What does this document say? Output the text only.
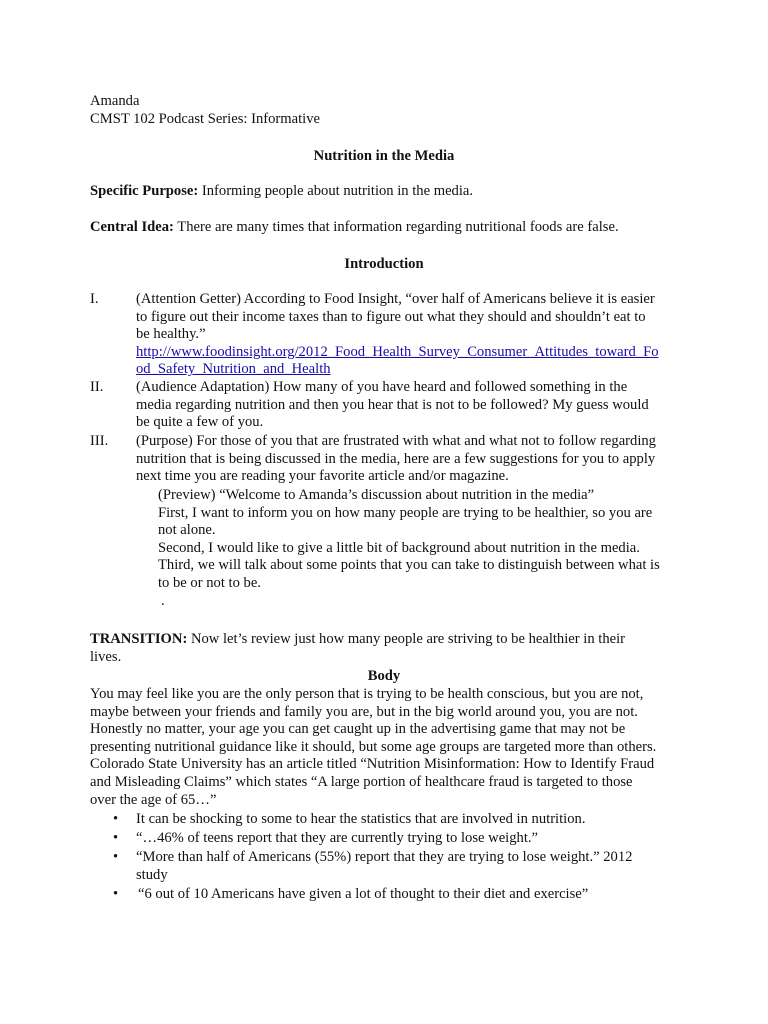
Amanda
CMST 102 Podcast Series: Informative
Nutrition in the Media
Specific Purpose: Informing people about nutrition in the media.
Central Idea: There are many times that information regarding nutritional foods are false.
Introduction
I.	(Attention Getter) According to Food Insight, “over half of Americans believe it is easier
to figure out their income taxes than to figure out what they should and shouldn’t eat to
be healthy.”
http://www.foodinsight.org/2012_Food_Health_Survey_Consumer_Attitudes_toward_Fo
od_Safety_Nutrition_and_Health
II. (Audience Adaptation) How many of you have heard and followed something in the
media regarding nutrition and then you hear that is not to be followed? My guess would
be quite a few of you.
III. (Purpose) For those of you that are frustrated with what and what not to follow regarding
nutrition that is being discussed in the media, here are a few suggestions for you to apply
next time you are reading your favorite article and/or magazine.
(Preview) “Welcome to Amanda’s discussion about nutrition in the media”
First, I want to inform you on how many people are trying to be healthier, so you are
not alone.
Second, I would like to give a little bit of background about nutrition in the media.
Third, we will talk about some points that you can take to distinguish between what is
to be or not to be.
.
TRANSITION: Now let’s review just how many people are striving to be healthier in their
lives.
Body
You may feel like you are the only person that is trying to be health conscious, but you are not,
maybe between your friends and family you are, but in the big world around you, you are not.
Honestly no matter, your age you can get caught up in the advertising game that may not be
presenting nutritional guidance like it should, but some age groups are targeted more than others.
Colorado State University has an article titled “Nutrition Misinformation: How to Identify Fraud
and Misleading Claims” which states “A large portion of healthcare fraud is targeted to those
over the age of 65…”
• It can be shocking to some to hear the statistics that are involved in nutrition.
• “…46% of teens report that they are currently trying to lose weight.”
• “More than half of Americans (55%) report that they are trying to lose weight.” 2012
study
• “6 out of 10 Americans have given a lot of thought to their diet and exercise”
